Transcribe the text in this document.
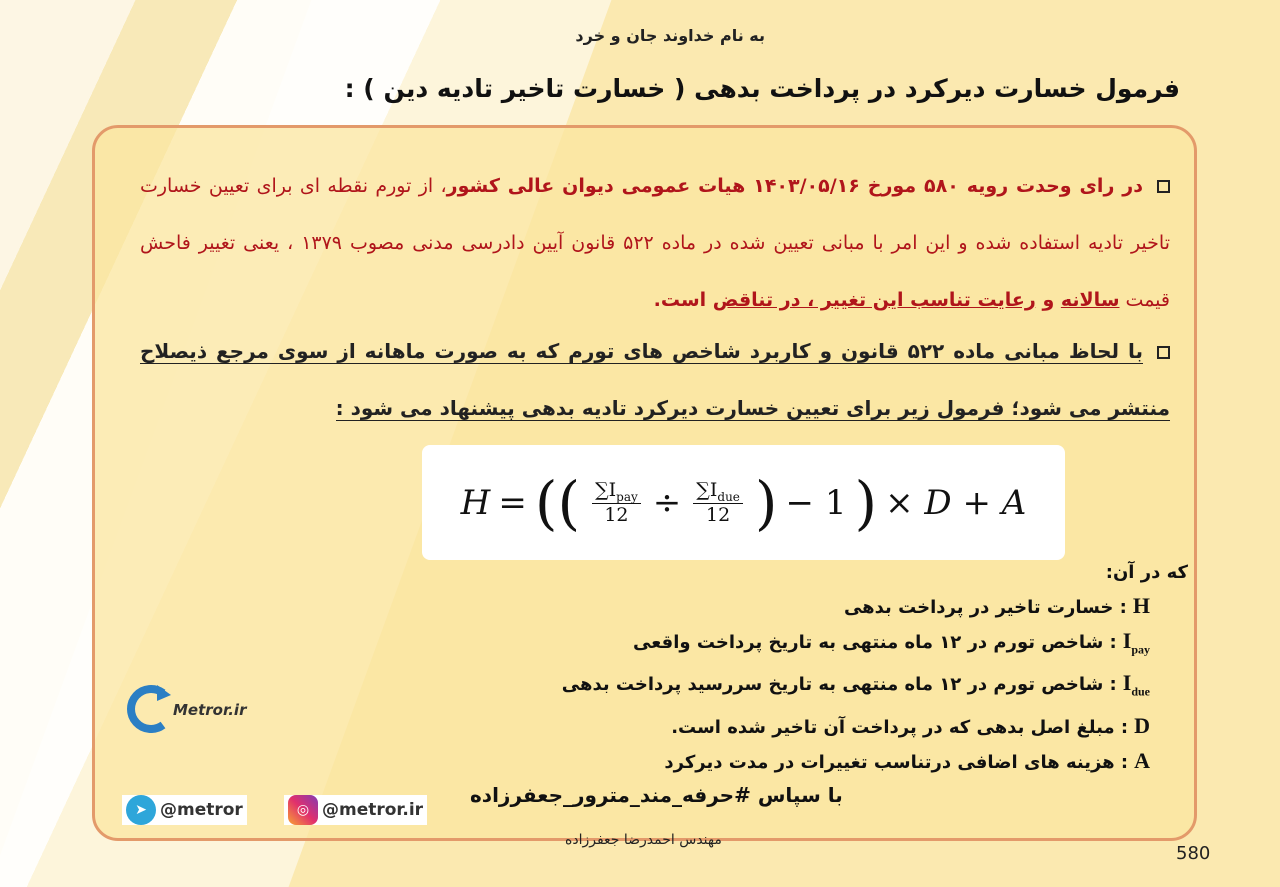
به نام خداوند جان و خرد
فرمول خسارت دیرکرد در پرداخت بدهی ( خسارت تاخیر تادیه دین ) :
در رای وحدت رویه ۵۸۰ مورخ ۱۴۰۳/۰۵/۱۶ هیات عمومی دیوان عالی کشور، از تورم نقطه ای برای تعیین خسارت تاخیر تادیه استفاده شده و این امر با مبانی تعیین شده در ماده ۵۲۲ قانون آیین دادرسی مدنی مصوب ۱۳۷۹ ، یعنی تغییر فاحش قیمت سالانه و رعایت تناسب این تغییر ، در تناقض است.
با لحاظ مبانی ماده ۵۲۲ قانون و کاربرد شاخص های تورم که به صورت ماهانه از سوی مرجع ذیصلاح منتشر می شود؛ فرمول زیر برای تعیین خسارت دیرکرد تادیه بدهی پیشنهاد می شود :
H = (( $\frac{\sum I_{pay}}{12} \div \frac{\sum I_{due}}{12}$ ) − 1 ) × D + A
که در آن:
H: خسارت تاخیر در پرداخت بدهی
$I_{pay}$: شاخص تورم در ۱۲ ماه منتهی به تاریخ پرداخت واقعی
$I_{due}$: شاخص تورم در ۱۲ ماه منتهی به تاریخ سررسید پرداخت بدهی
D: مبلغ اصل بدهی که در پرداخت آن تاخیر شده است.
A: هزینه های اضافی درتناسب تغییرات در مدت دیرکرد
Metror.ir
➤ @metror	◎ @metror.ir
با سپاس #حرفه_مند_مترور_جعفرزاده
مهندس احمدرضا جعفرزاده
580
